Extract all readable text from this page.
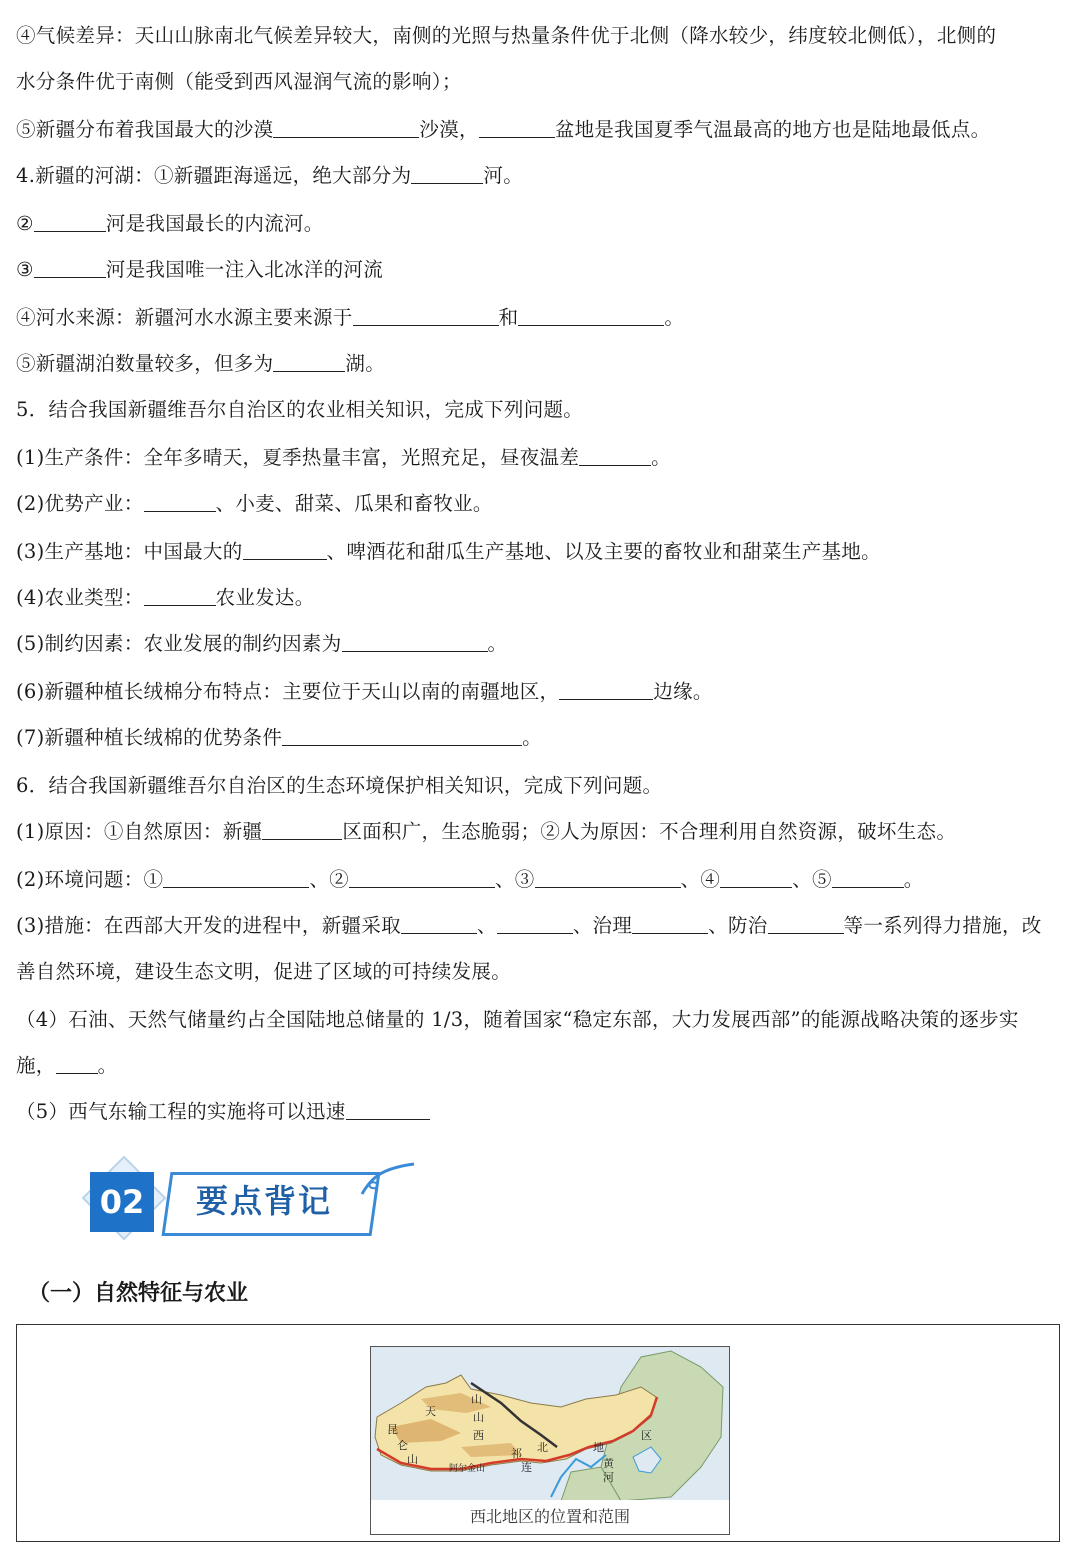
④气候差异：天山山脉南北气候差异较大，南侧的光照与热量条件优于北侧（降水较少，纬度较北侧低），北侧的
水分条件优于南侧（能受到西风湿润气流的影响）；
⑤新疆分布着我国最大的沙漠	沙漠，	盆地是我国夏季气温最高的地方也是陆地最低点。
4.新疆的河湖：①新疆距海遥远，绝大部分为	河。
②	河是我国最长的内流河。
③	河是我国唯一注入北冰洋的河流
④河水来源：新疆河水水源主要来源于	和	。
⑤新疆湖泊数量较多，但多为	湖。
5．结合我国新疆维吾尔自治区的农业相关知识，完成下列问题。
(1)生产条件：全年多晴天，夏季热量丰富，光照充足，昼夜温差	。
(2)优势产业：	、小麦、甜菜、瓜果和畜牧业。
(3)生产基地：中国最大的	、啤酒花和甜瓜生产基地、以及主要的畜牧业和甜菜生产基地。
(4)农业类型：	农业发达。
(5)制约因素：农业发展的制约因素为	。
(6)新疆种植长绒棉分布特点：主要位于天山以南的南疆地区，	边缘。
(7)新疆种植长绒棉的优势条件	。
6．结合我国新疆维吾尔自治区的生态环境保护相关知识，完成下列问题。
(1)原因：①自然原因：新疆	区面积广，生态脆弱；②人为原因：不合理利用自然资源，破坏生态。
(2)环境问题：①	、②	、③	、④	、⑤	。
(3)措施：在西部大开发的进程中，新疆采取	、	、治理	、防治	等一系列得力措施，改
善自然环境，建设生态文明，促进了区域的可持续发展。
（4）石油、天然气储量约占全国陆地总储量的 1/3，随着国家“稳定东部，大力发展西部”的能源战略决策的逐步实
施， 。
（5）西气东输工程的实施将可以迅速
02	要点背记
（一）自然特征与农业
天
山
山
昆
仑
山
西
北	地
区
祁
连
阿尔金山	黄
河
西北地区的位置和范围
